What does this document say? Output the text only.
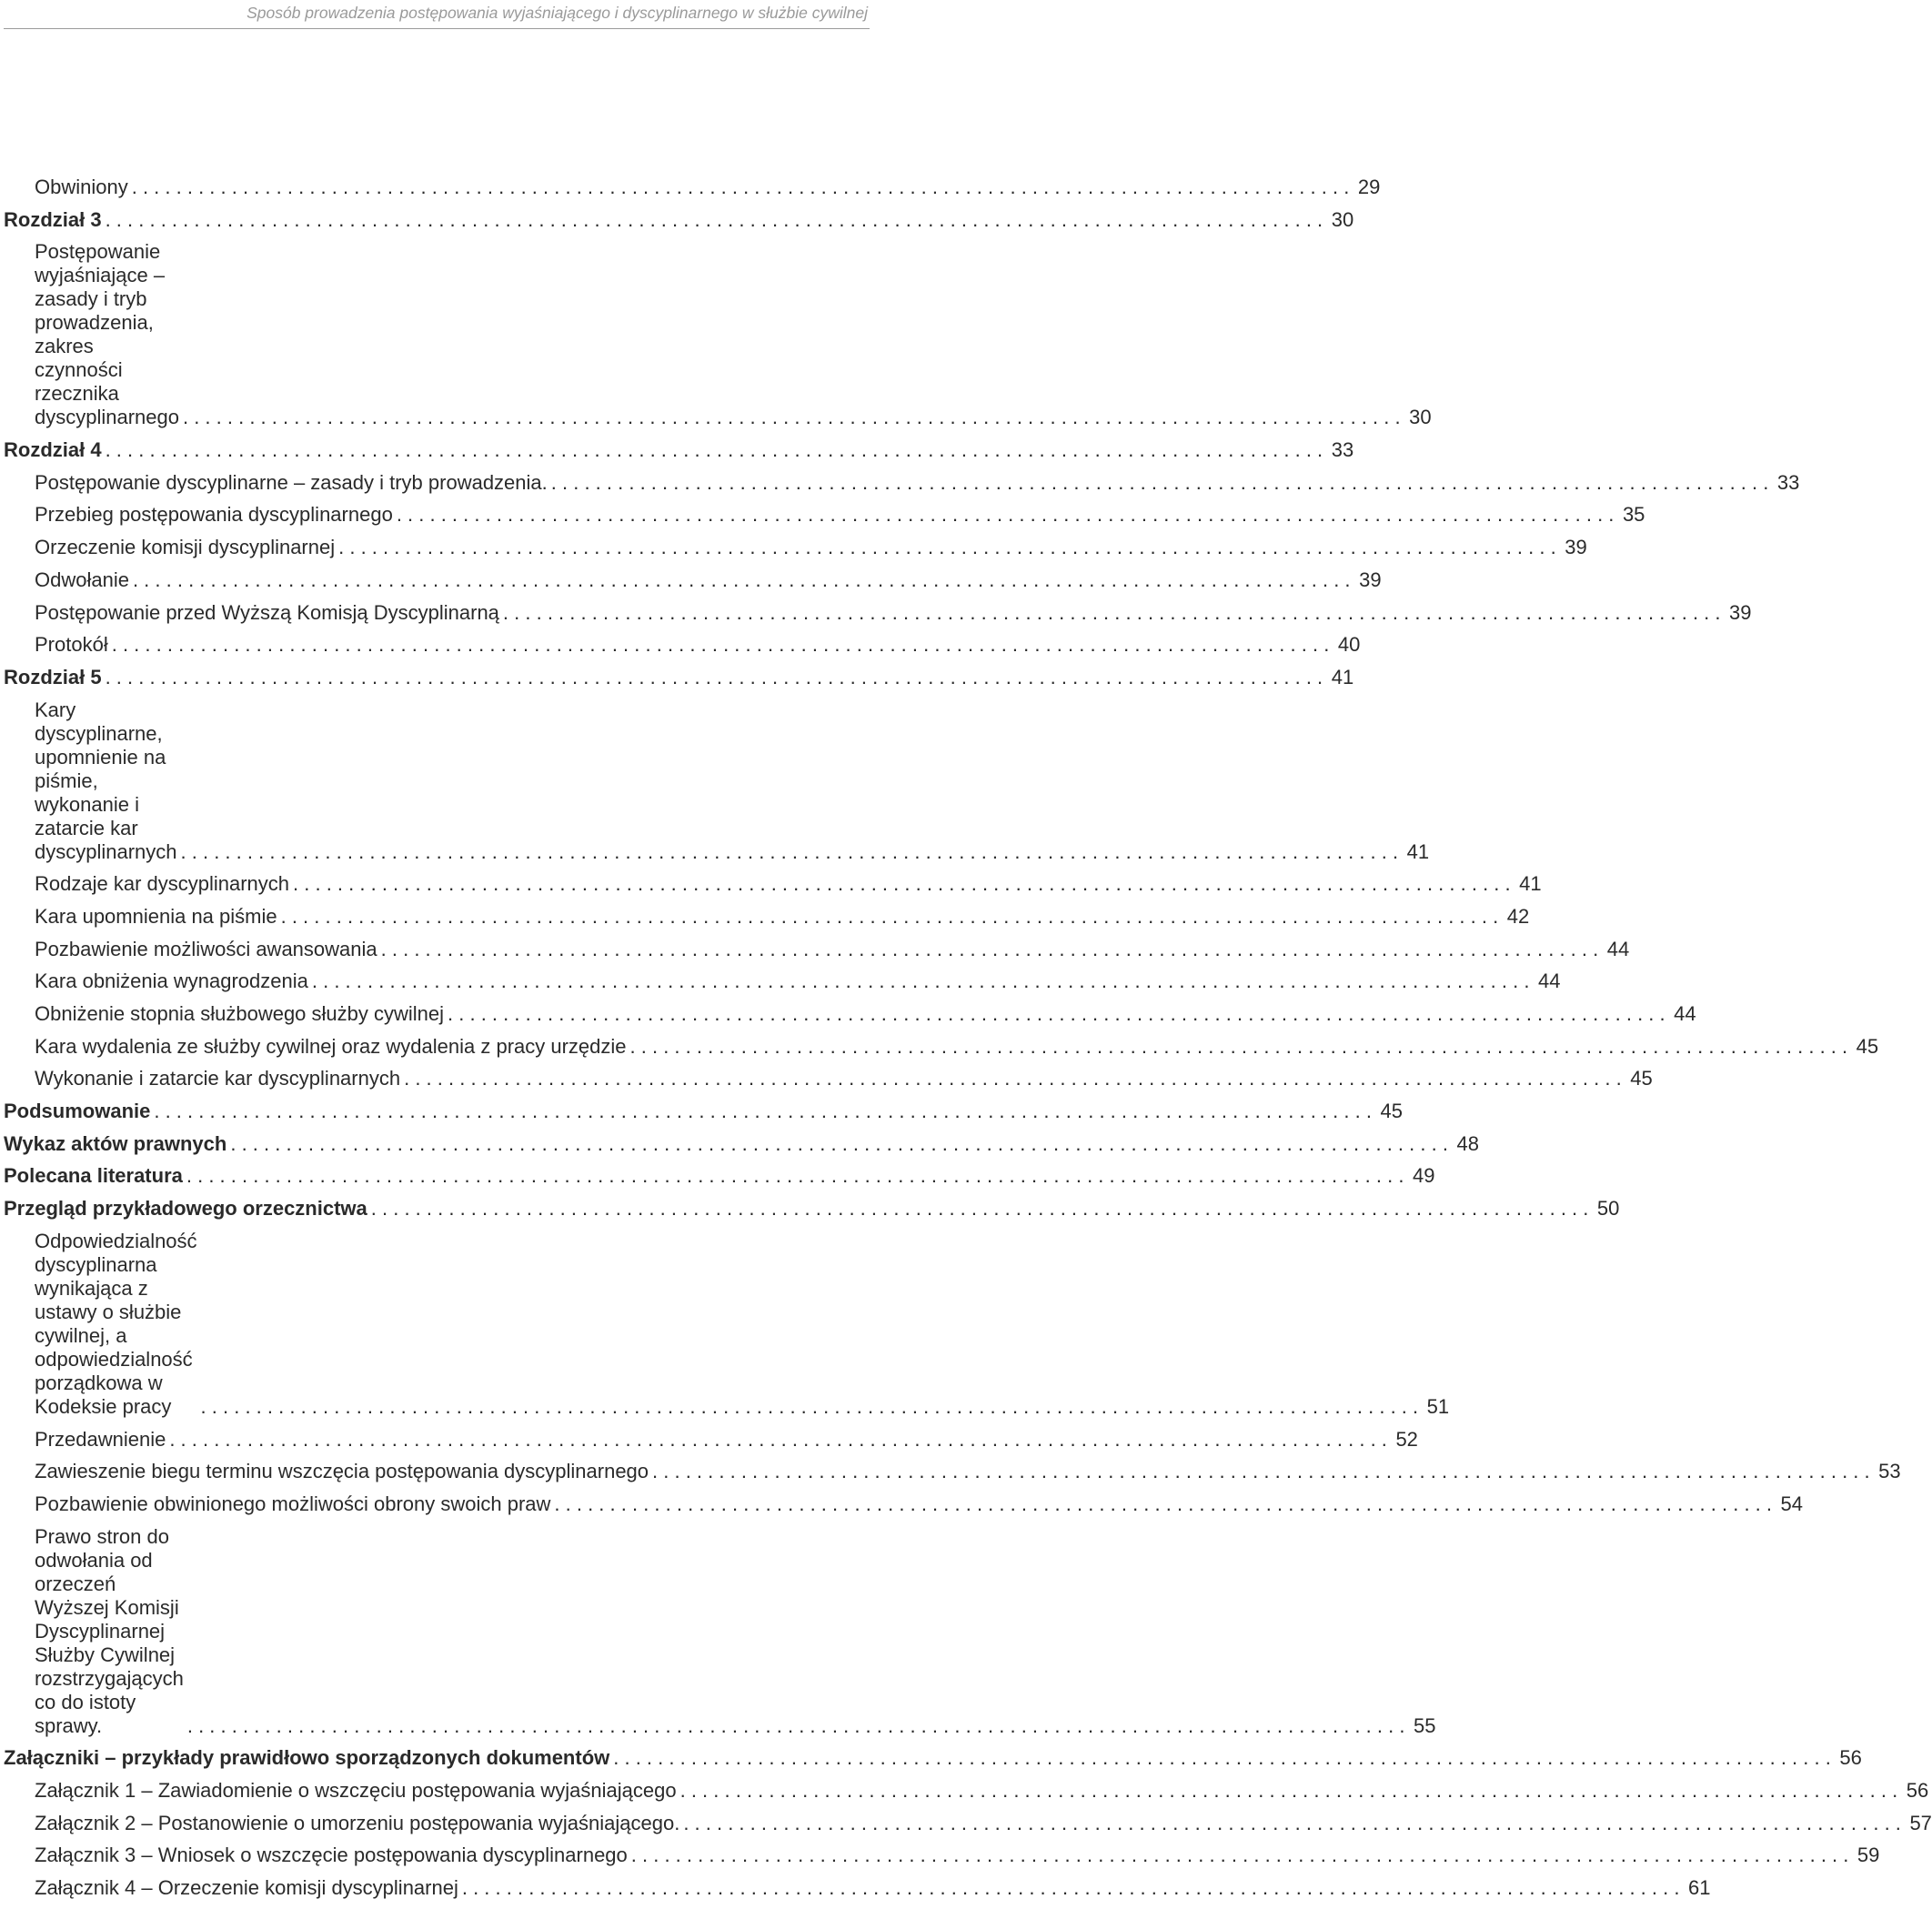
Sposób prowadzenia postępowania wyjaśniającego i dyscyplinarnego w służbie cywilnej
Obwiniony . . .	29
Rozdział 3 . . .	30
Postępowanie wyjaśniające – zasady i tryb prowadzenia, zakres czynności rzecznika dyscyplinarnego . . .	30
Rozdział 4 . . .	33
Postępowanie dyscyplinarne – zasady i tryb prowadzenia. . . .	33
Przebieg postępowania dyscyplinarnego . . .	35
Orzeczenie komisji dyscyplinarnej . . .	39
Odwołanie . . .	39
Postępowanie przed Wyższą Komisją Dyscyplinarną . . .	39
Protokół . . .	40
Rozdział 5 . . .	41
Kary dyscyplinarne, upomnienie na piśmie, wykonanie i zatarcie kar dyscyplinarnych . . .	41
Rodzaje kar dyscyplinarnych . . .	41
Kara upomnienia na piśmie . . .	42
Pozbawienie możliwości awansowania . . .	44
Kara obniżenia wynagrodzenia . . .	44
Obniżenie stopnia służbowego służby cywilnej . . .	44
Kara wydalenia ze służby cywilnej oraz wydalenia z pracy urzędzie . . .	45
Wykonanie i zatarcie kar dyscyplinarnych . . .	45
Podsumowanie . . .	45
Wykaz aktów prawnych . . .	48
Polecana literatura . . .	49
Przegląd przykładowego orzecznictwa . . .	50
Odpowiedzialność dyscyplinarna wynikająca z ustawy o służbie cywilnej, a odpowiedzialność porządkowa w Kodeksie pracy . . .	51
Przedawnienie . . .	52
Zawieszenie biegu terminu wszczęcia postępowania dyscyplinarnego . . .	53
Pozbawienie obwinionego możliwości obrony swoich praw . . .	54
Prawo stron do odwołania od orzeczeń Wyższej Komisji Dyscyplinarnej Służby Cywilnej rozstrzygających co do istoty sprawy. . . .	55
Załączniki – przykłady prawidłowo sporządzonych dokumentów . . .	56
Załącznik 1 – Zawiadomienie o wszczęciu postępowania wyjaśniającego . . .	56
Załącznik 2 – Postanowienie o umorzeniu postępowania wyjaśniającego. . . .	57
Załącznik 3 – Wniosek o wszczęcie postępowania dyscyplinarnego . . .	59
Załącznik 4 – Orzeczenie komisji dyscyplinarnej . . .	61
